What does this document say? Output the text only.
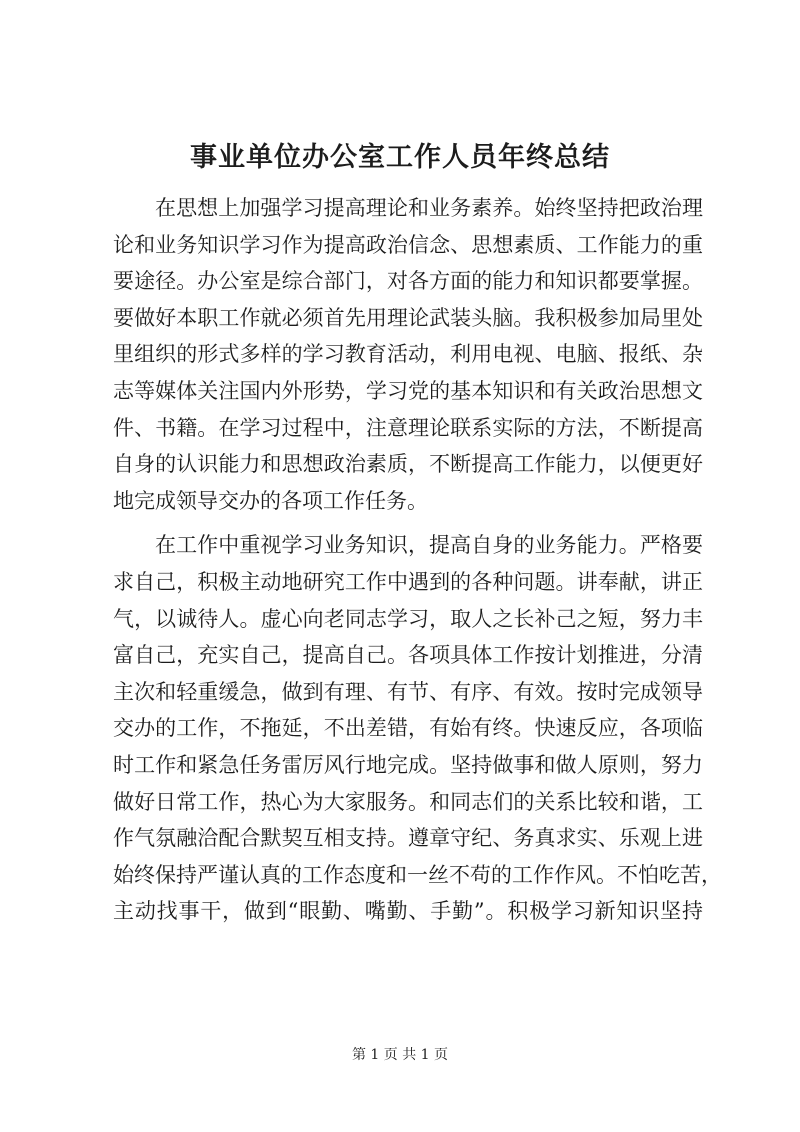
事业单位办公室工作人员年终总结
在思想上加强学习提高理论和业务素养。始终坚持把政治理
论和业务知识学习作为提高政治信念、思想素质、工作能力的重
要途径。办公室是综合部门，对各方面的能力和知识都要掌握。
要做好本职工作就必须首先用理论武装头脑。我积极参加局里处
里组织的形式多样的学习教育活动，利用电视、电脑、报纸、杂
志等媒体关注国内外形势，学习党的基本知识和有关政治思想文
件、书籍。在学习过程中，注意理论联系实际的方法，不断提高
自身的认识能力和思想政治素质，不断提高工作能力，以便更好
地完成领导交办的各项工作任务。
在工作中重视学习业务知识，提高自身的业务能力。严格要
求自己，积极主动地研究工作中遇到的各种问题。讲奉献，讲正
气，以诚待人。虚心向老同志学习，取人之长补己之短，努力丰
富自己，充实自己，提高自己。各项具体工作按计划推进，分清
主次和轻重缓急，做到有理、有节、有序、有效。按时完成领导
交办的工作，不拖延，不出差错，有始有终。快速反应，各项临
时工作和紧急任务雷厉风行地完成。坚持做事和做人原则，努力
做好日常工作，热心为大家服务。和同志们的关系比较和谐，工
作气氛融洽配合默契互相支持。遵章守纪、务真求实、乐观上进
始终保持严谨认真的工作态度和一丝不苟的工作作风。不怕吃苦，
主动找事干，做到“眼勤、嘴勤、手勤”。积极学习新知识坚持
第 1 页 共 1 页
